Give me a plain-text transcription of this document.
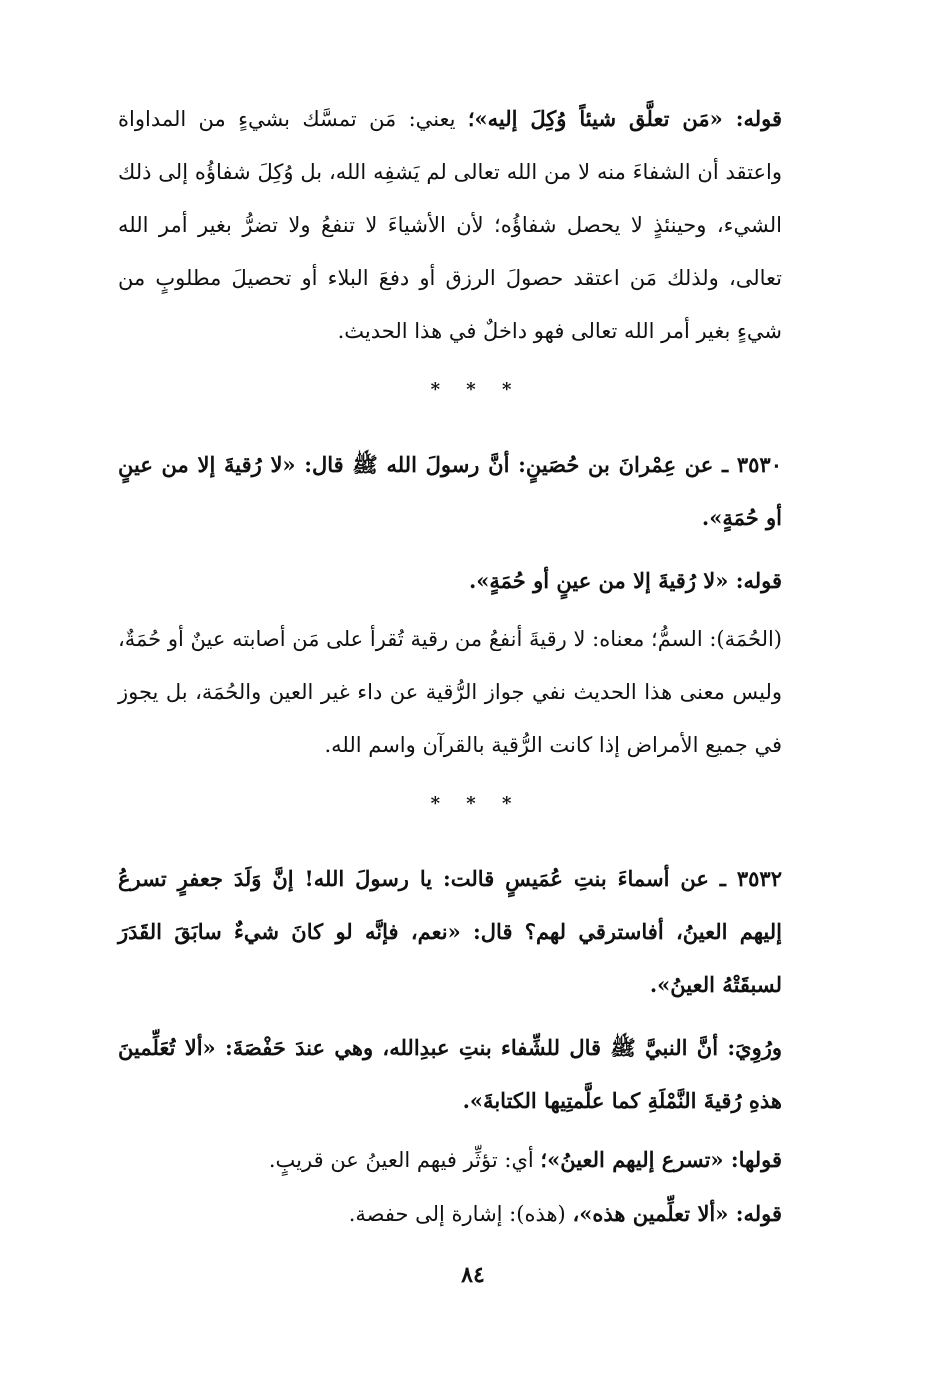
قوله: «مَن تعلَّق شيئاً وُكِلَ إليه»؛ يعني: مَن تمسَّك بشيءٍ من المداواة واعتقد أن الشفاءَ منه لا من الله تعالى لم يَشفِه الله، بل وُكِلَ شفاؤُه إلى ذلك الشيء، وحينئذٍ لا يحصل شفاؤُه؛ لأن الأشياءَ لا تنفعُ ولا تضرُّ بغير أمر الله تعالى، ولذلك مَن اعتقد حصولَ الرزق أو دفعَ البلاء أو تحصيلَ مطلوبٍ من شيءٍ بغير أمر الله تعالى فهو داخلٌ في هذا الحديث.

* * *

٣٥٣٠ ـ عن عِمْرانَ بن حُصَينٍ: أنَّ رسولَ الله ﷺ قال: «لا رُقيةَ إلا من عينٍ أو حُمَةٍ».

قوله: «لا رُقيةَ إلا من عينٍ أو حُمَةٍ».

(الحُمَة): السمُّ؛ معناه: لا رقيةَ أنفعُ من رقية تُقرأ على مَن أصابته عينٌ أو حُمَةٌ، وليس معنى هذا الحديث نفي جواز الرُّقية عن داء غير العين والحُمَة، بل يجوز في جميع الأمراض إذا كانت الرُّقية بالقرآن واسم الله.

* * *

٣٥٣٢ ـ عن أسماءَ بنتِ عُمَيسٍ قالت: يا رسولَ الله! إنَّ وَلَدَ جعفرٍ تسرعُ إليهم العينُ، أفاسترقي لهم؟ قال: «نعم، فإنَّه لو كانَ شيءٌ سابَقَ القَدَرَ لسبقَتْهُ العينُ».

ورُوِيَ: أنَّ النبيَّ ﷺ قال للشِّفاء بنتِ عبدِالله، وهي عندَ حَفْصَةَ: «ألا تُعَلِّمينَ هذهِ رُقيةَ النَّمْلَةِ كما علَّمتِيها الكتابةَ».

قولها: «تسرع إليهم العينُ»؛ أي: تؤثِّر فيهم العينُ عن قريبٍ.

قوله: «ألا تعلِّمين هذه»، (هذه): إشارة إلى حفصة.

٨٤
